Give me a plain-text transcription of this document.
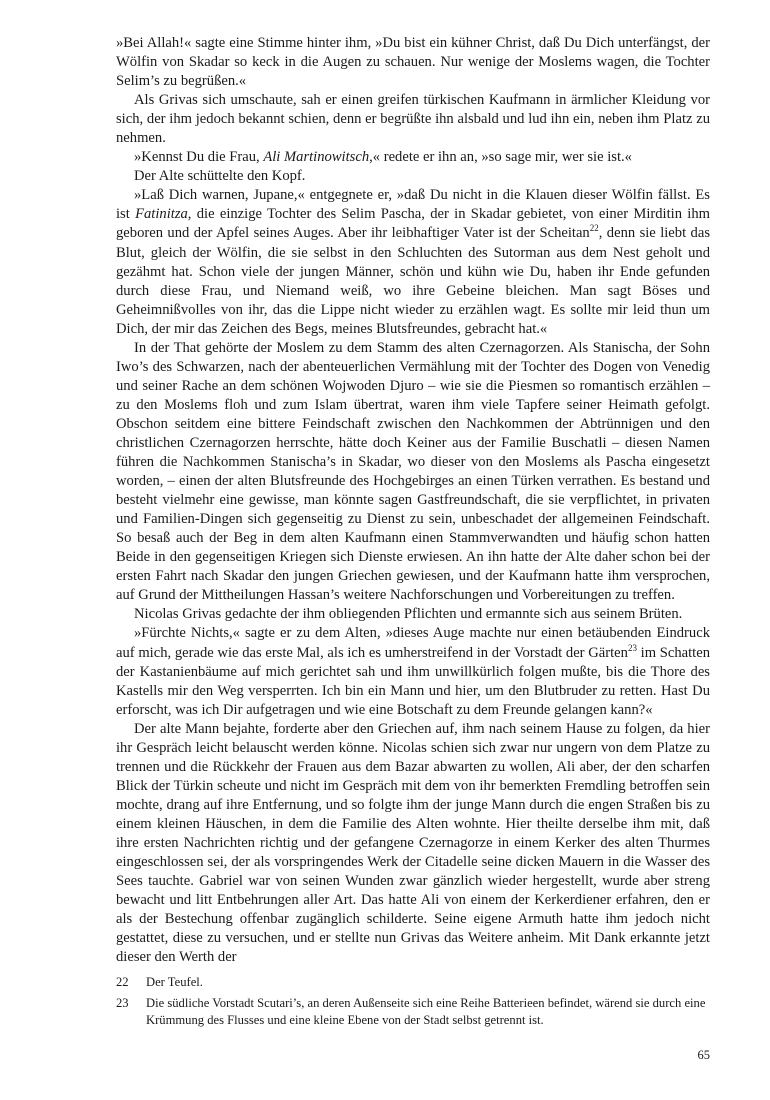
»Bei Allah!« sagte eine Stimme hinter ihm, »Du bist ein kühner Christ, daß Du Dich unterfängst, der Wölfin von Skadar so keck in die Augen zu schauen. Nur wenige der Moslems wagen, die Tochter Selim’s zu begrüßen.«

Als Grivas sich umschaute, sah er einen greifen türkischen Kaufmann in ärmlicher Kleidung vor sich, der ihm jedoch bekannt schien, denn er begrüßte ihn alsbald und lud ihn ein, neben ihm Platz zu nehmen.

»Kennst Du die Frau, Ali Martinowitsch,« redete er ihn an, »so sage mir, wer sie ist.«

Der Alte schüttelte den Kopf.

»Laß Dich warnen, Jupane,« entgegnete er, »daß Du nicht in die Klauen dieser Wölfin fällst. Es ist Fatinitza, die einzige Tochter des Selim Pascha, der in Skadar gebietet, von einer Mirditin ihm geboren und der Apfel seines Auges. Aber ihr leibhaftiger Vater ist der Scheitan$^{22}$, denn sie liebt das Blut, gleich der Wölfin, die sie selbst in den Schluchten des Sutorman aus dem Nest geholt und gezähmt hat. Schon viele der jungen Männer, schön und kühn wie Du, haben ihr Ende gefunden durch diese Frau, und Niemand weiß, wo ihre Gebeine bleichen. Man sagt Böses und Geheimnißvolles von ihr, das die Lippe nicht wieder zu erzählen wagt. Es sollte mir leid thun um Dich, der mir das Zeichen des Begs, meines Blutsfreundes, gebracht hat.«

In der That gehörte der Moslem zu dem Stamm des alten Czernagorzen. Als Stanischa, der Sohn Iwo’s des Schwarzen, nach der abenteuerlichen Vermählung mit der Tochter des Dogen von Venedig und seiner Rache an dem schönen Wojwoden Djuro – wie sie die Piesmen so romantisch erzählen – zu den Moslems floh und zum Islam übertrat, waren ihm viele Tapfere seiner Heimath gefolgt. Obschon seitdem eine bittere Feindschaft zwischen den Nachkommen der Abtrünnigen und den christlichen Czernagorzen herrschte, hätte doch Keiner aus der Familie Buschatli – diesen Namen führen die Nachkommen Stanischa’s in Skadar, wo dieser von den Moslems als Pascha eingesetzt worden, – einen der alten Blutsfreunde des Hochgebirges an einen Türken verrathen. Es bestand und besteht vielmehr eine gewisse, man könnte sagen Gastfreundschaft, die sie verpflichtet, in privaten und Familien-Dingen sich gegenseitig zu Dienst zu sein, unbeschadet der allgemeinen Feindschaft. So besaß auch der Beg in dem alten Kaufmann einen Stammverwandten und häufig schon hatten Beide in den gegenseitigen Kriegen sich Dienste erwiesen. An ihn hatte der Alte daher schon bei der ersten Fahrt nach Skadar den jungen Griechen gewiesen, und der Kaufmann hatte ihm versprochen, auf Grund der Mittheilungen Hassan’s weitere Nachforschungen und Vorbereitungen zu treffen.

Nicolas Grivas gedachte der ihm obliegenden Pflichten und ermannte sich aus seinem Brüten.

»Fürchte Nichts,« sagte er zu dem Alten, »dieses Auge machte nur einen betäubenden Eindruck auf mich, gerade wie das erste Mal, als ich es umherstreifend in der Vorstadt der Gärten$^{23}$ im Schatten der Kastanienbäume auf mich gerichtet sah und ihm unwillkürlich folgen mußte, bis die Thore des Kastells mir den Weg versperrten. Ich bin ein Mann und hier, um den Blutbruder zu retten. Hast Du erforscht, was ich Dir aufgetragen und wie eine Botschaft zu dem Freunde gelangen kann?«

Der alte Mann bejahte, forderte aber den Griechen auf, ihm nach seinem Hause zu folgen, da hier ihr Gespräch leicht belauscht werden könne. Nicolas schien sich zwar nur ungern von dem Platze zu trennen und die Rückkehr der Frauen aus dem Bazar abwarten zu wollen, Ali aber, der den scharfen Blick der Türkin scheute und nicht im Gespräch mit dem von ihr bemerkten Fremdling betroffen sein mochte, drang auf ihre Entfernung, und so folgte ihm der junge Mann durch die engen Straßen bis zu einem kleinen Häuschen, in dem die Familie des Alten wohnte. Hier theilte derselbe ihm mit, daß ihre ersten Nachrichten richtig und der gefangene Czernagorze in einem Kerker des alten Thurmes eingeschlossen sei, der als vorspringendes Werk der Citadelle seine dicken Mauern in die Wasser des Sees tauchte. Gabriel war von seinen Wunden zwar gänzlich wieder hergestellt, wurde aber streng bewacht und litt Entbehrungen aller Art. Das hatte Ali von einem der Kerkerdiener erfahren, den er als der Bestechung offenbar zugänglich schilderte. Seine eigene Armuth hatte ihm jedoch nicht gestattet, diese zu versuchen, und er stellte nun Grivas das Weitere anheim. Mit Dank erkannte jetzt dieser den Werth der

22	Der Teufel.
23	Die südliche Vorstadt Scutari’s, an deren Außenseite sich eine Reihe Batterieen befindet, wärend sie durch eine Krümmung des Flusses und eine kleine Ebene von der Stadt selbst getrennt ist.
65
